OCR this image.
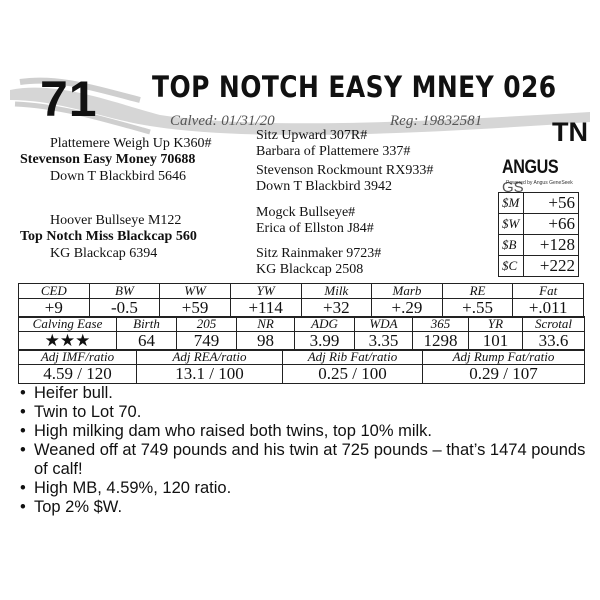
71 TOP NOTCH EASY MNEY 026
Calved: 01/31/20	Reg: 19832581	TN
Plattemere Weigh Up K360#
Stevenson Easy Money 70688
Down T Blackbird 5646
Sitz Upward 307R#
Barbara of Plattemere 337#
Stevenson Rockmount RX933#
Down T Blackbird 3942
Hoover Bullseye M122
Top Notch Miss Blackcap 560
KG Blackcap 6394
Mogck Bullseye#
Erica of Ellston J84#
Sitz Rainmaker 9723#
KG Blackcap 2508
ANGUSGS
Powered by Angus GeneSeek
$M	+56
$W	+66
$B	+128
$C	+222
CED	BW	WW	YW	Milk	Marb	RE	Fat
+9	-0.5	+59	+114	+32	+.29	+.55	+.011
Calving Ease	Birth	205	NR	ADG	WDA	365	YR	Scrotal
★★★	64	749	98	3.99	3.35	1298	101	33.6
Adj IMF/ratio	Adj REA/ratio	Adj Rib Fat/ratio	Adj Rump Fat/ratio
4.59 / 120	13.1 / 100	0.25 / 100	0.29 / 107
• Heifer bull.
• Twin to Lot 70.
• High milking dam who raised both twins, top 10% milk.
• Weaned off at 749 pounds and his twin at 725 pounds – that’s 1474 pounds of calf!
• High MB, 4.59%, 120 ratio.
• Top 2% $W.
